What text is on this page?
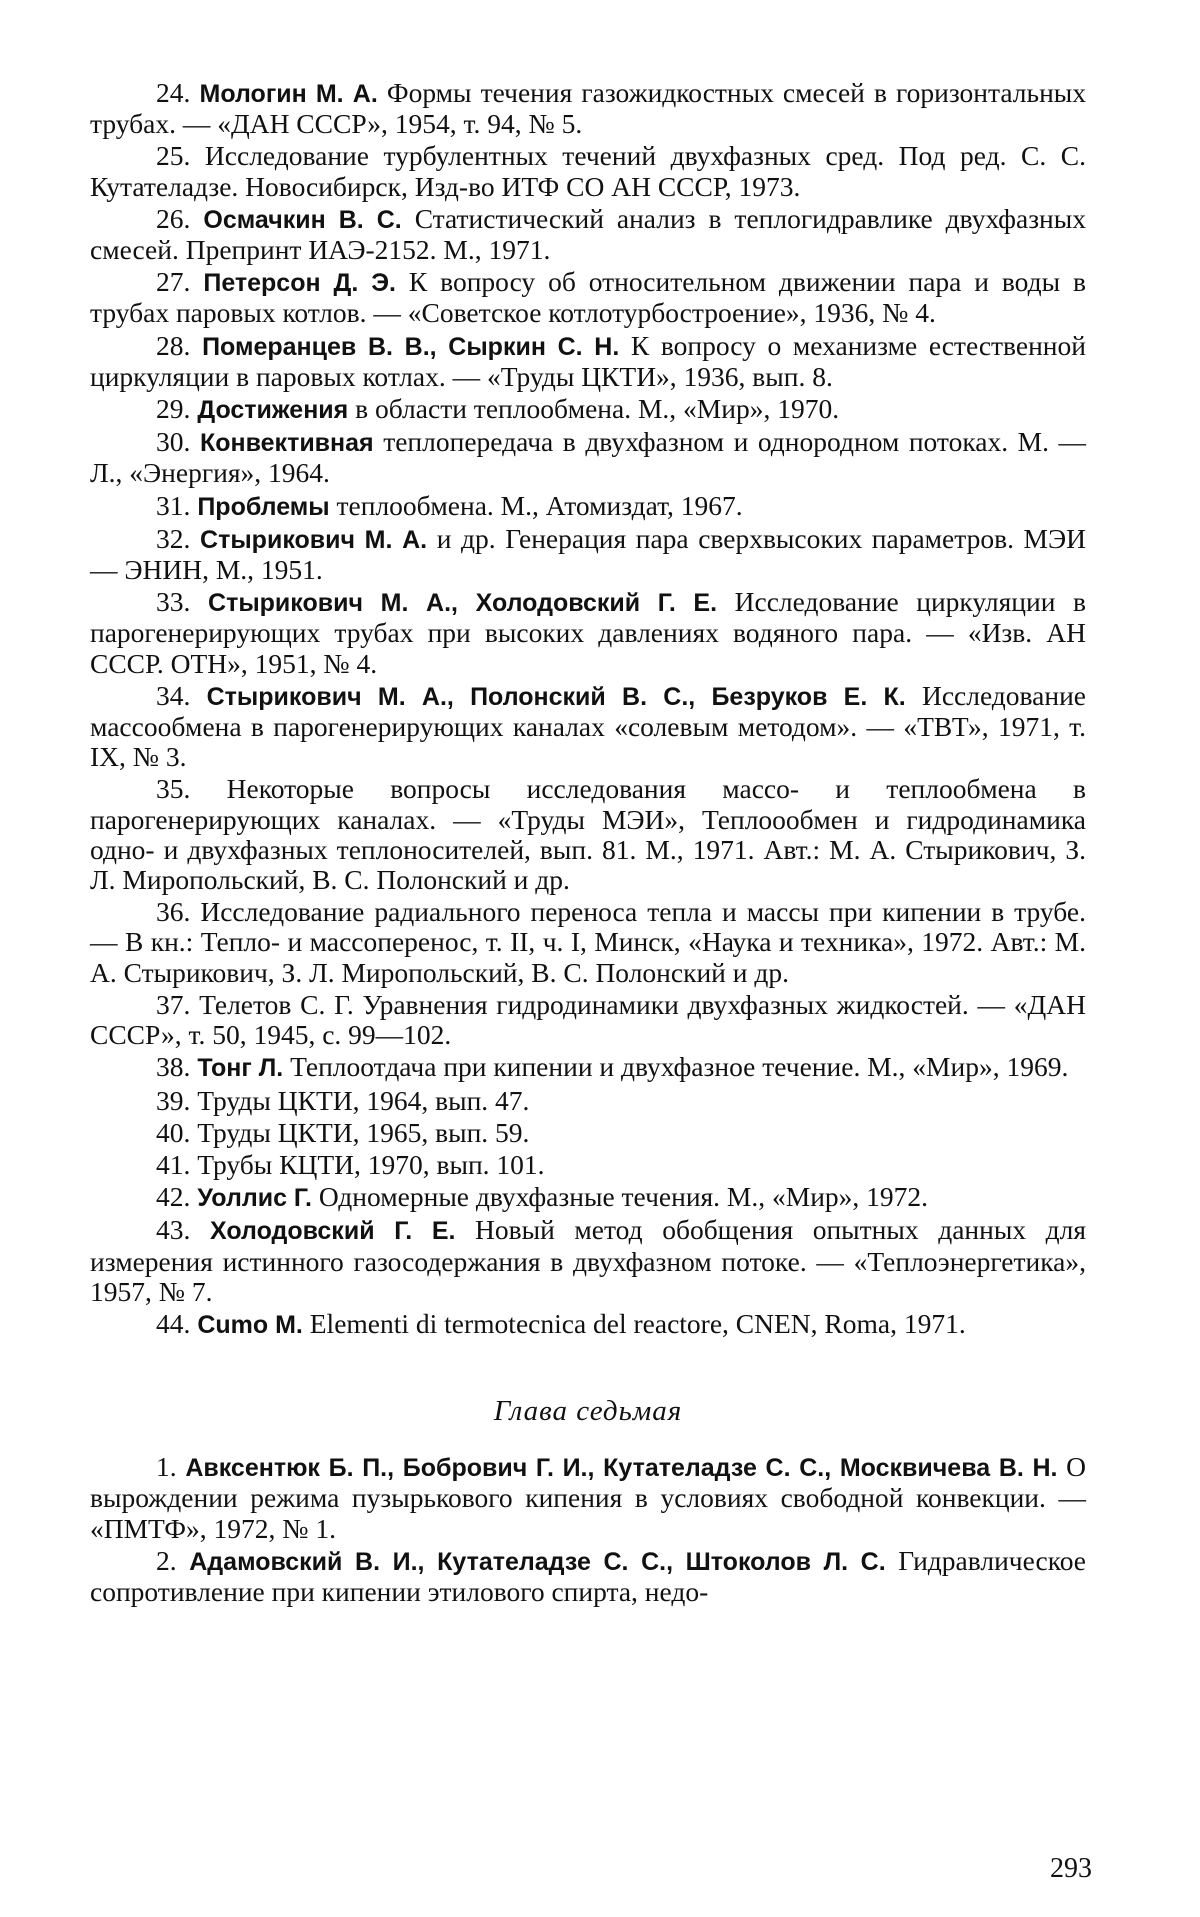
24. Мологин М. А. Формы течения газожидкостных смесей в горизонтальных трубах. — «ДАН СССР», 1954, т. 94, № 5.

25. Исследование турбулентных течений двухфазных сред. Под ред. С. С. Кутателадзе. Новосибирск, Изд-во ИТФ СО АН СССР, 1973.

26. Осмачкин В. С. Статистический анализ в теплогидравлике двухфазных смесей. Препринт ИАЭ-2152. М., 1971.

27. Петерсон Д. Э. К вопросу об относительном движении пара и воды в трубах паровых котлов. — «Советское котлотурбостроение», 1936, № 4.

28. Померанцев В. В., Сыркин С. Н. К вопросу о механизме естественной циркуляции в паровых котлах. — «Труды ЦКТИ», 1936, вып. 8.

29. Достижения в области теплообмена. М., «Мир», 1970.

30. Конвективная теплопередача в двухфазном и однородном потоках. М. — Л., «Энергия», 1964.

31. Проблемы теплообмена. М., Атомиздат, 1967.

32. Стырикович М. А. и др. Генерация пара сверхвысоких параметров. МЭИ — ЭНИН, М., 1951.

33. Стырикович М. А., Холодовский Г. Е. Исследование циркуляции в парогенерирующих трубах при высоких давлениях водяного пара. — «Изв. АН СССР. ОТН», 1951, № 4.

34. Стырикович М. А., Полонский В. С., Безруков Е. К. Исследование массообмена в парогенерирующих каналах «солевым методом». — «ТВТ», 1971, т. IX, № 3.

35. Некоторые вопросы исследования массо- и теплообмена в парогенерирующих каналах. — «Труды МЭИ», Теплоообмен и гидродинамика одно- и двухфазных теплоносителей, вып. 81. М., 1971. Авт.: М. А. Стырикович, З. Л. Миропольский, В. С. Полонский и др.

36. Исследование радиального переноса тепла и массы при кипении в трубе. — В кн.: Тепло- и массоперенос, т. II, ч. I, Минск, «Наука и техника», 1972. Авт.: М. А. Стырикович, З. Л. Миропольский, В. С. Полонский и др.

37. Телетов С. Г. Уравнения гидродинамики двухфазных жидкостей. — «ДАН СССР», т. 50, 1945, с. 99—102.

38. Тонг Л. Теплоотдача при кипении и двухфазное течение. М., «Мир», 1969.

39. Труды ЦКТИ, 1964, вып. 47.

40. Труды ЦКТИ, 1965, вып. 59.

41. Трубы КЦТИ, 1970, вып. 101.

42. Уоллис Г. Одномерные двухфазные течения. М., «Мир», 1972.

43. Холодовский Г. Е. Новый метод обобщения опытных данных для измерения истинного газосодержания в двухфазном потоке. — «Теплоэнергетика», 1957, № 7.

44. Cumo M. Elementi di termotecnica del reactore, CNEN, Roma, 1971.

Глава седьмая

1. Авксентюк Б. П., Бобрович Г. И., Кутателадзе С. С., Москвичева В. Н. О вырождении режима пузырькового кипения в условиях свободной конвекции. — «ПМТФ», 1972, № 1.

2. Адамовский В. И., Кутателадзе С. С., Штоколов Л. С. Гидравлическое сопротивление при кипении этилового спирта, недо-

293
